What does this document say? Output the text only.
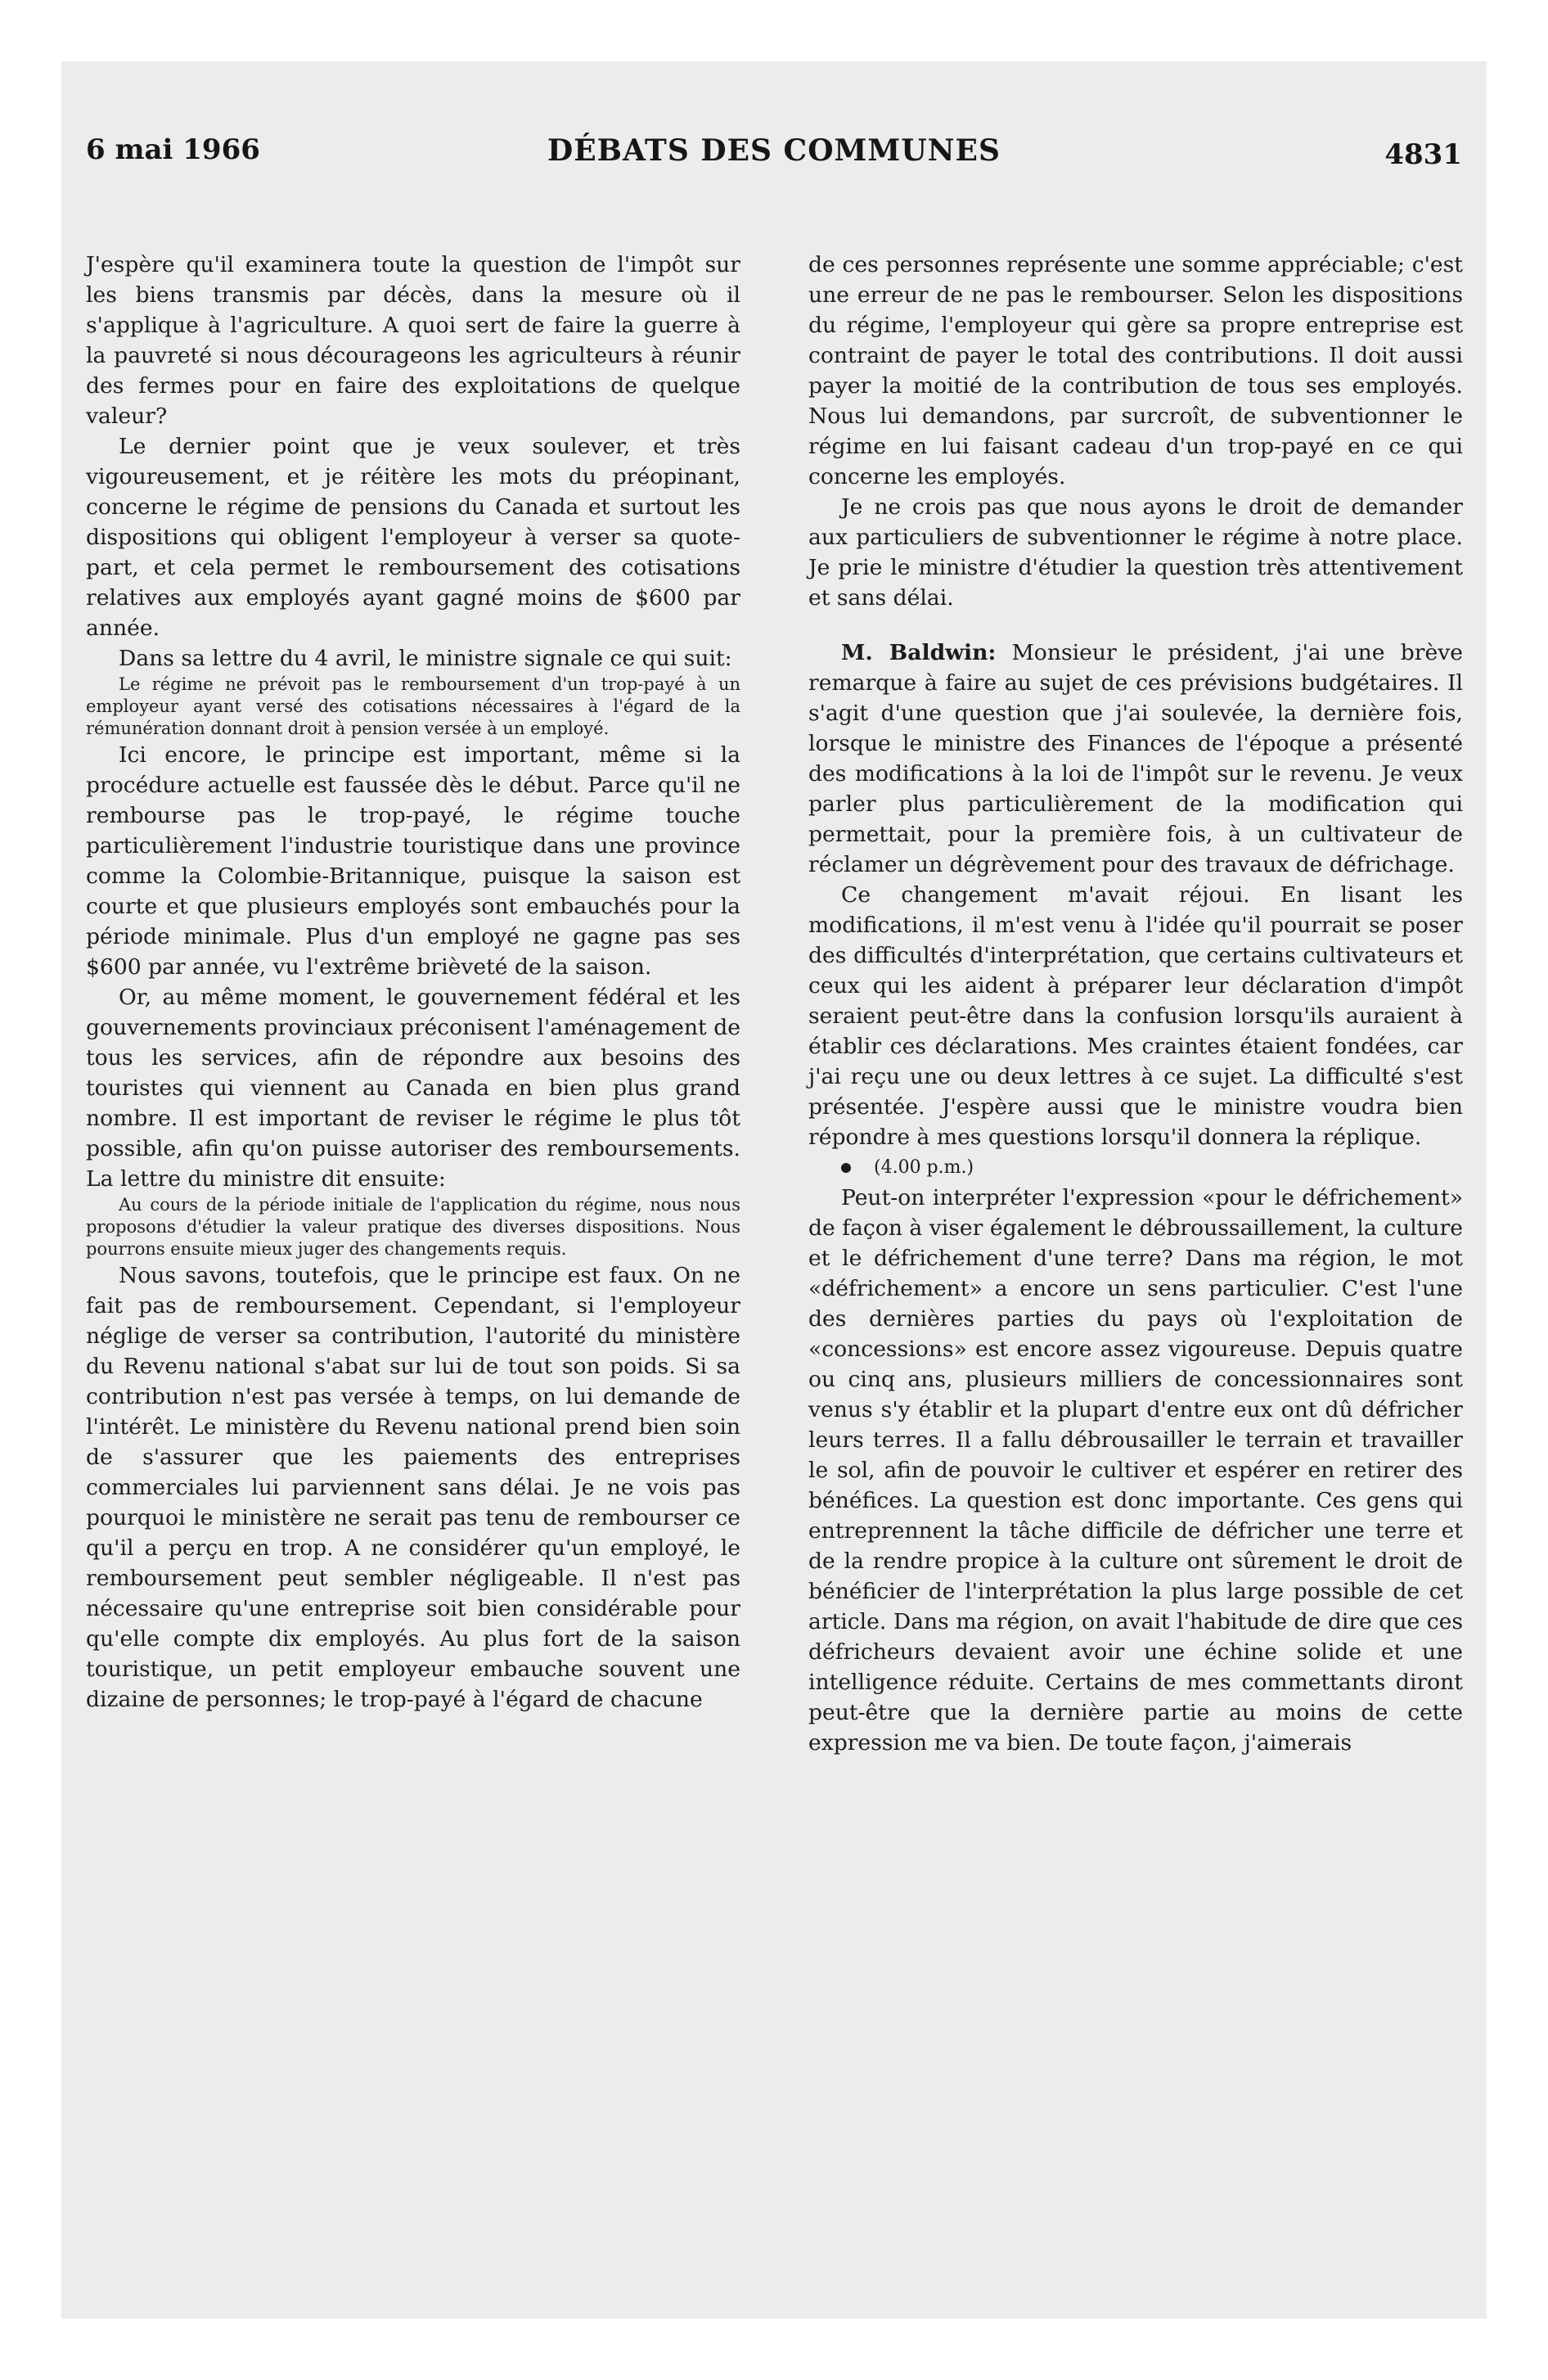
6 mai 1966	DÉBATS DES COMMUNES	4831

J'espère qu'il examinera toute la question de l'impôt sur les biens transmis par décès, dans la mesure où il s'applique à l'agriculture. A quoi sert de faire la guerre à la pauvreté si nous décourageons les agriculteurs à réunir des fermes pour en faire des exploitations de quelque valeur?

Le dernier point que je veux soulever, et très vigoureusement, et je réitère les mots du préopinant, concerne le régime de pensions du Canada et surtout les dispositions qui obligent l'employeur à verser sa quote-part, et cela permet le remboursement des cotisations relatives aux employés ayant gagné moins de $600 par année.

Dans sa lettre du 4 avril, le ministre signale ce qui suit:

Le régime ne prévoit pas le remboursement d'un trop-payé à un employeur ayant versé des cotisations nécessaires à l'égard de la rémunération donnant droit à pension versée à un employé.

Ici encore, le principe est important, même si la procédure actuelle est faussée dès le début. Parce qu'il ne rembourse pas le trop-payé, le régime touche particulièrement l'industrie touristique dans une province comme la Colombie-Britannique, puisque la saison est courte et que plusieurs employés sont embauchés pour la période minimale. Plus d'un employé ne gagne pas ses $600 par année, vu l'extrême brièveté de la saison.

Or, au même moment, le gouvernement fédéral et les gouvernements provinciaux préconisent l'aménagement de tous les services, afin de répondre aux besoins des touristes qui viennent au Canada en bien plus grand nombre. Il est important de reviser le régime le plus tôt possible, afin qu'on puisse autoriser des remboursements. La lettre du ministre dit ensuite:

Au cours de la période initiale de l'application du régime, nous nous proposons d'étudier la valeur pratique des diverses dispositions. Nous pourrons ensuite mieux juger des changements requis.

Nous savons, toutefois, que le principe est faux. On ne fait pas de remboursement. Cependant, si l'employeur néglige de verser sa contribution, l'autorité du ministère du Revenu national s'abat sur lui de tout son poids. Si sa contribution n'est pas versée à temps, on lui demande de l'intérêt. Le ministère du Revenu national prend bien soin de s'assurer que les paiements des entreprises commerciales lui parviennent sans délai. Je ne vois pas pourquoi le ministère ne serait pas tenu de rembourser ce qu'il a perçu en trop. A ne considérer qu'un employé, le remboursement peut sembler négligeable. Il n'est pas nécessaire qu'une entreprise soit bien considérable pour qu'elle compte dix employés. Au plus fort de la saison touristique, un petit employeur embauche souvent une dizaine de personnes; le trop-payé à l'égard de chacune

de ces personnes représente une somme appréciable; c'est une erreur de ne pas le rembourser. Selon les dispositions du régime, l'employeur qui gère sa propre entreprise est contraint de payer le total des contributions. Il doit aussi payer la moitié de la contribution de tous ses employés. Nous lui demandons, par surcroît, de subventionner le régime en lui faisant cadeau d'un trop-payé en ce qui concerne les employés.

Je ne crois pas que nous ayons le droit de demander aux particuliers de subventionner le régime à notre place. Je prie le ministre d'étudier la question très attentivement et sans délai.

M. Baldwin: Monsieur le président, j'ai une brève remarque à faire au sujet de ces prévisions budgétaires. Il s'agit d'une question que j'ai soulevée, la dernière fois, lorsque le ministre des Finances de l'époque a présenté des modifications à la loi de l'impôt sur le revenu. Je veux parler plus particulièrement de la modification qui permettait, pour la première fois, à un cultivateur de réclamer un dégrèvement pour des travaux de défrichage.

Ce changement m'avait réjoui. En lisant les modifications, il m'est venu à l'idée qu'il pourrait se poser des difficultés d'interprétation, que certains cultivateurs et ceux qui les aident à préparer leur déclaration d'impôt seraient peut-être dans la confusion lorsqu'ils auraient à établir ces déclarations. Mes craintes étaient fondées, car j'ai reçu une ou deux lettres à ce sujet. La difficulté s'est présentée. J'espère aussi que le ministre voudra bien répondre à mes questions lorsqu'il donnera la réplique.

(4.00 p.m.)

Peut-on interpréter l'expression «pour le défrichement» de façon à viser également le débroussaillement, la culture et le défrichement d'une terre? Dans ma région, le mot «défrichement» a encore un sens particulier. C'est l'une des dernières parties du pays où l'exploitation de «concessions» est encore assez vigoureuse. Depuis quatre ou cinq ans, plusieurs milliers de concessionnaires sont venus s'y établir et la plupart d'entre eux ont dû défricher leurs terres. Il a fallu débrousailler le terrain et travailler le sol, afin de pouvoir le cultiver et espérer en retirer des bénéfices. La question est donc importante. Ces gens qui entreprennent la tâche difficile de défricher une terre et de la rendre propice à la culture ont sûrement le droit de bénéficier de l'interprétation la plus large possible de cet article. Dans ma région, on avait l'habitude de dire que ces défricheurs devaient avoir une échine solide et une intelligence réduite. Certains de mes commettants diront peut-être que la dernière partie au moins de cette expression me va bien. De toute façon, j'aimerais
